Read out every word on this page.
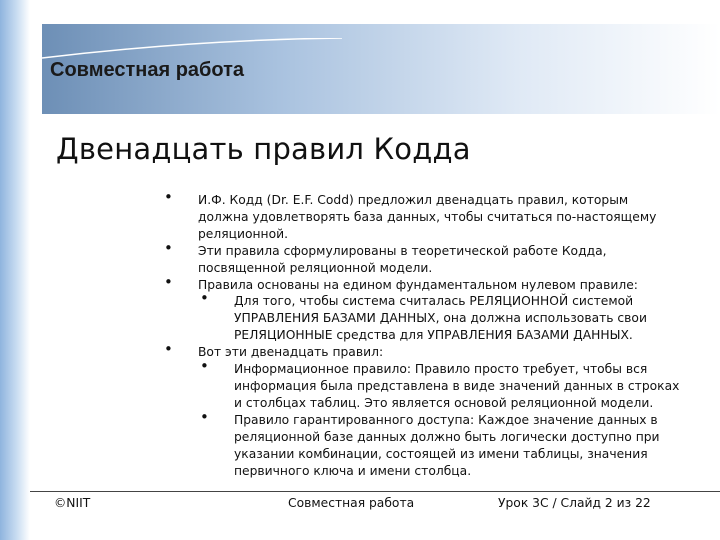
Совместная работа
Двенадцать правил Кодда
• И.Ф. Кодд (Dr. E.F. Codd) предложил двенадцать правил, которым должна удовлетворять база данных, чтобы считаться по-настоящему реляционной.
• Эти правила сформулированы в теоретической работе Кодда, посвященной реляционной модели.
• Правила основаны на едином фундаментальном нулевом правиле:
• Для того, чтобы система считалась РЕЛЯЦИОННОЙ системой УПРАВЛЕНИЯ БАЗАМИ ДАННЫХ, она должна использовать свои РЕЛЯЦИОННЫЕ средства для УПРАВЛЕНИЯ БАЗАМИ ДАННЫХ.
• Вот эти двенадцать правил:
• Информационное правило: Правило просто требует, чтобы вся информация была представлена в виде значений данных в строках и столбцах таблиц. Это является основой реляционной модели.
• Правило гарантированного доступа: Каждое значение данных в реляционной базе данных должно быть логически доступно при указании комбинации, состоящей из имени таблицы, значения первичного ключа и имени столбца.
©NIIT	Совместная работа	Урок 3C / Слайд 2 из 22
